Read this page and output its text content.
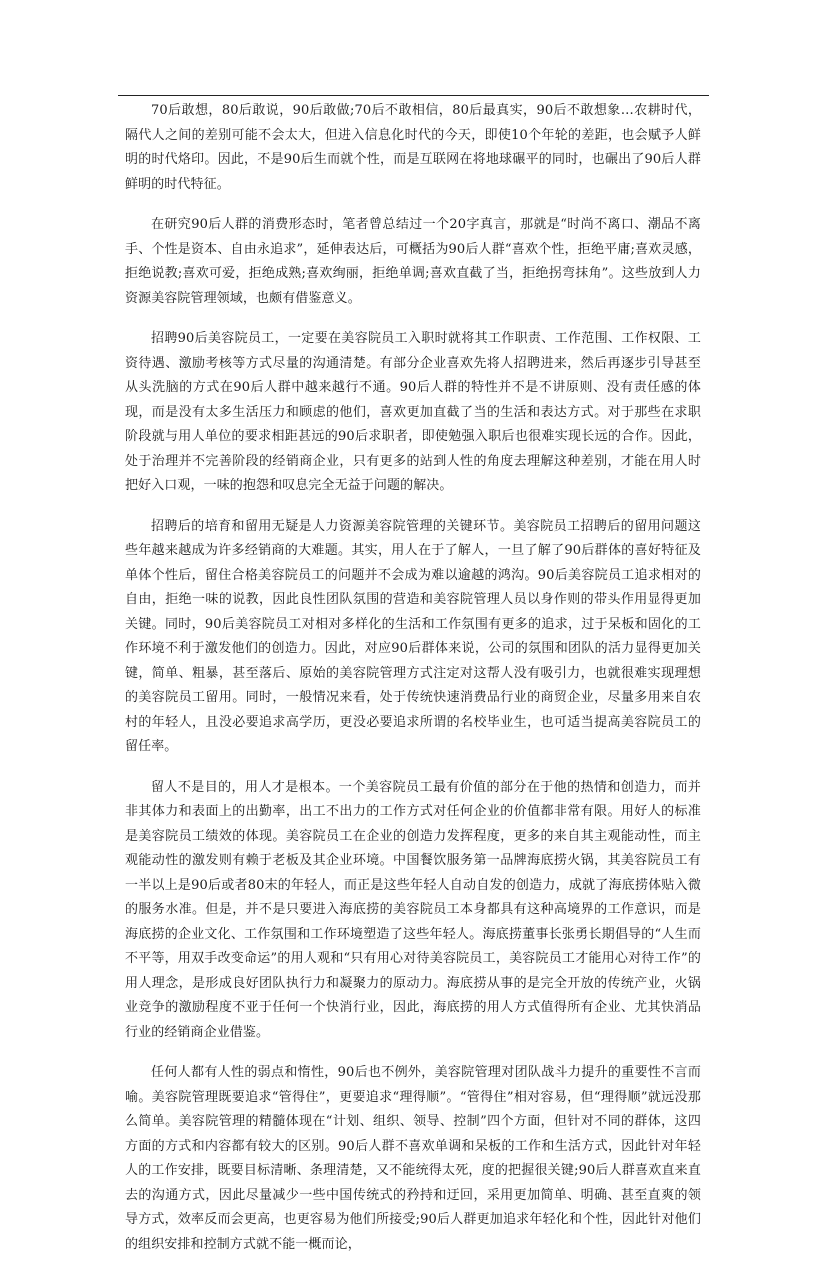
70后敢想，80后敢说，90后敢做;70后不敢相信，80后最真实，90后不敢想象…农耕时代，隔代人之间的差别可能不会太大，但进入信息化时代的今天，即使10个年轮的差距，也会赋予人鲜明的时代烙印。因此，不是90后生而就个性，而是互联网在将地球碾平的同时，也碾出了90后人群鲜明的时代特征。

在研究90后人群的消费形态时，笔者曾总结过一个20字真言，那就是“时尚不离口、潮品不离手、个性是资本、自由永追求”，延伸表达后，可概括为90后人群“喜欢个性，拒绝平庸;喜欢灵感，拒绝说教;喜欢可爱，拒绝成熟;喜欢绚丽，拒绝单调;喜欢直截了当，拒绝拐弯抹角”。这些放到人力资源美容院管理领域，也颇有借鉴意义。

招聘90后美容院员工，一定要在美容院员工入职时就将其工作职责、工作范围、工作权限、工资待遇、激励考核等方式尽量的沟通清楚。有部分企业喜欢先将人招聘进来，然后再逐步引导甚至从头洗脑的方式在90后人群中越来越行不通。90后人群的特性并不是不讲原则、没有责任感的体现，而是没有太多生活压力和顾虑的他们，喜欢更加直截了当的生活和表达方式。对于那些在求职阶段就与用人单位的要求相距甚远的90后求职者，即使勉强入职后也很难实现长远的合作。因此，处于治理并不完善阶段的经销商企业，只有更多的站到人性的角度去理解这种差别，才能在用人时把好入口观，一味的抱怨和叹息完全无益于问题的解决。

招聘后的培育和留用无疑是人力资源美容院管理的关键环节。美容院员工招聘后的留用问题这些年越来越成为许多经销商的大难题。其实，用人在于了解人，一旦了解了90后群体的喜好特征及单体个性后，留住合格美容院员工的问题并不会成为难以逾越的鸿沟。90后美容院员工追求相对的自由，拒绝一味的说教，因此良性团队氛围的营造和美容院管理人员以身作则的带头作用显得更加关键。同时，90后美容院员工对相对多样化的生活和工作氛围有更多的追求，过于呆板和固化的工作环境不利于激发他们的创造力。因此，对应90后群体来说，公司的氛围和团队的活力显得更加关键，简单、粗暴，甚至落后、原始的美容院管理方式注定对这帮人没有吸引力，也就很难实现理想的美容院员工留用。同时，一般情况来看，处于传统快速消费品行业的商贸企业，尽量多用来自农村的年轻人，且没必要追求高学历，更没必要追求所谓的名校毕业生，也可适当提高美容院员工的留任率。

留人不是目的，用人才是根本。一个美容院员工最有价值的部分在于他的热情和创造力，而并非其体力和表面上的出勤率，出工不出力的工作方式对任何企业的价值都非常有限。用好人的标准是美容院员工绩效的体现。美容院员工在企业的创造力发挥程度，更多的来自其主观能动性，而主观能动性的激发则有赖于老板及其企业环境。中国餐饮服务第一品牌海底捞火锅，其美容院员工有一半以上是90后或者80末的年轻人，而正是这些年轻人自动自发的创造力，成就了海底捞体贴入微的服务水准。但是，并不是只要进入海底捞的美容院员工本身都具有这种高境界的工作意识，而是海底捞的企业文化、工作氛围和工作环境塑造了这些年轻人。海底捞董事长张勇长期倡导的“人生而不平等，用双手改变命运”的用人观和“只有用心对待美容院员工，美容院员工才能用心对待工作”的用人理念，是形成良好团队执行力和凝聚力的原动力。海底捞从事的是完全开放的传统产业，火锅业竞争的激励程度不亚于任何一个快消行业，因此，海底捞的用人方式值得所有企业、尤其快消品行业的经销商企业借鉴。

任何人都有人性的弱点和惰性，90后也不例外，美容院管理对团队战斗力提升的重要性不言而喻。美容院管理既要追求“管得住”，更要追求“理得顺”。“管得住”相对容易，但“理得顺”就远没那么简单。美容院管理的精髓体现在“计划、组织、领导、控制”四个方面，但针对不同的群体，这四方面的方式和内容都有较大的区别。90后人群不喜欢单调和呆板的工作和生活方式，因此针对年轻人的工作安排，既要目标清晰、条理清楚，又不能统得太死，度的把握很关键;90后人群喜欢直来直去的沟通方式，因此尽量减少一些中国传统式的矜持和迂回，采用更加简单、明确、甚至直爽的领导方式，效率反而会更高，也更容易为他们所接受;90后人群更加追求年轻化和个性，因此针对他们的组织安排和控制方式就不能一概而论，
